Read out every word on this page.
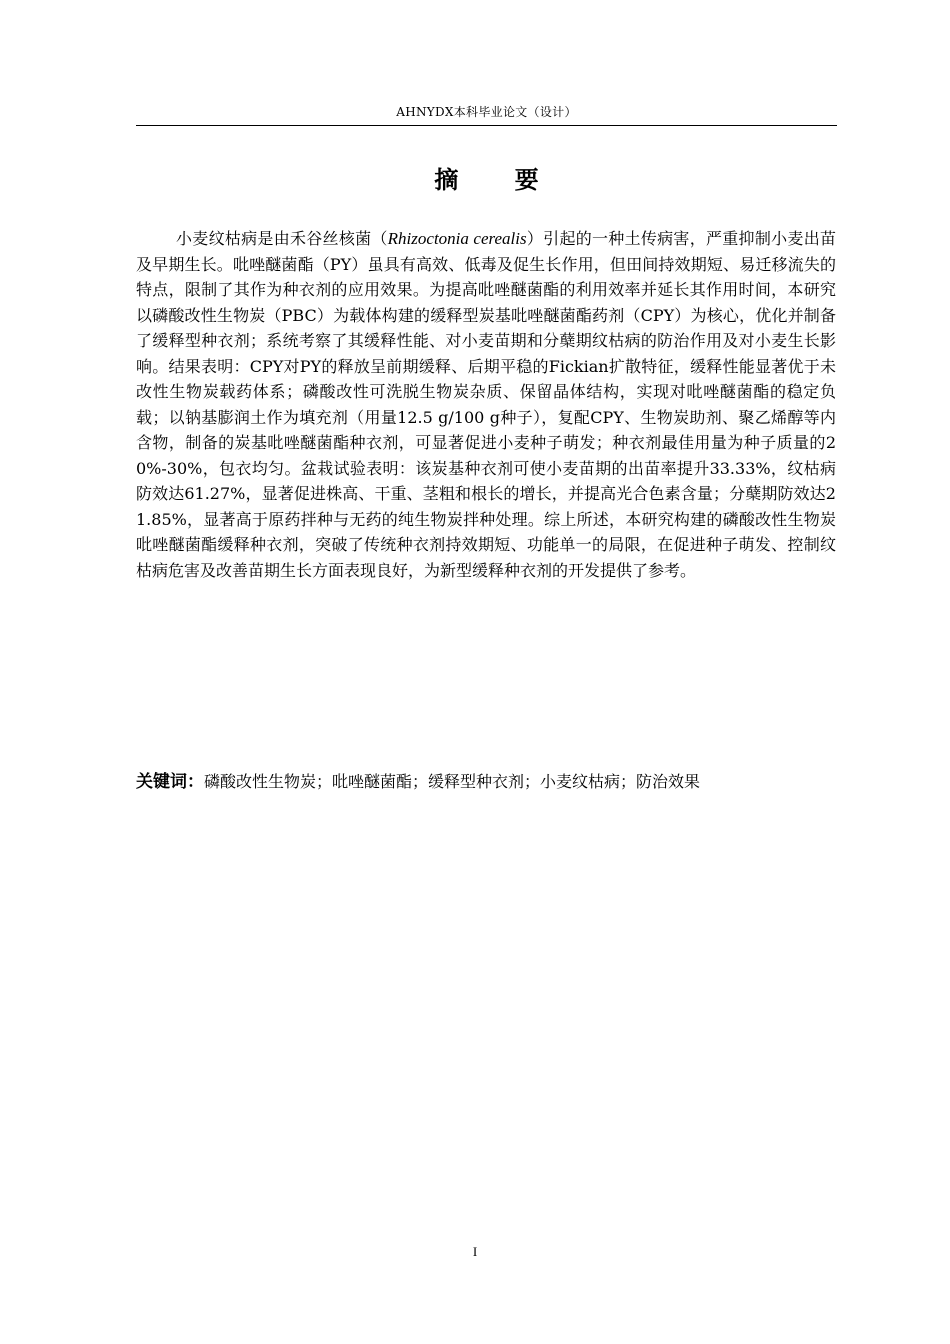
AHNYDX本科毕业论文（设计）
摘 要

小麦纹枯病是由禾谷丝核菌（Rhizoctonia cerealis）引起的一种土传病害，严重抑制小麦出苗及早期生长。吡唑醚菌酯（PY）虽具有高效、低毒及促生长作用，但田间持效期短、易迁移流失的特点，限制了其作为种衣剂的应用效果。为提高吡唑醚菌酯的利用效率并延长其作用时间，本研究以磷酸改性生物炭（PBC）为载体构建的缓释型炭基吡唑醚菌酯药剂（CPY）为核心，优化并制备了缓释型种衣剂；系统考察了其缓释性能、对小麦苗期和分蘖期纹枯病的防治作用及对小麦生长影响。结果表明：CPY对PY的释放呈前期缓释、后期平稳的Fickian扩散特征，缓释性能显著优于未改性生物炭载药体系；磷酸改性可洗脱生物炭杂质、保留晶体结构，实现对吡唑醚菌酯的稳定负载；以钠基膨润土作为填充剂（用量12.5 g/100 g种子），复配CPY、生物炭助剂、聚乙烯醇等内含物，制备的炭基吡唑醚菌酯种衣剂，可显著促进小麦种子萌发；种衣剂最佳用量为种子质量的20%-30%，包衣均匀。盆栽试验表明：该炭基种衣剂可使小麦苗期的出苗率提升33.33%，纹枯病防效达61.27%，显著促进株高、干重、茎粗和根长的增长，并提高光合色素含量；分蘖期防效达21.85%，显著高于原药拌种与无药的纯生物炭拌种处理。综上所述，本研究构建的磷酸改性生物炭吡唑醚菌酯缓释种衣剂，突破了传统种衣剂持效期短、功能单一的局限，在促进种子萌发、控制纹枯病危害及改善苗期生长方面表现良好，为新型缓释种衣剂的开发提供了参考。

关键词：磷酸改性生物炭；吡唑醚菌酯；缓释型种衣剂；小麦纹枯病；防治效果
I
